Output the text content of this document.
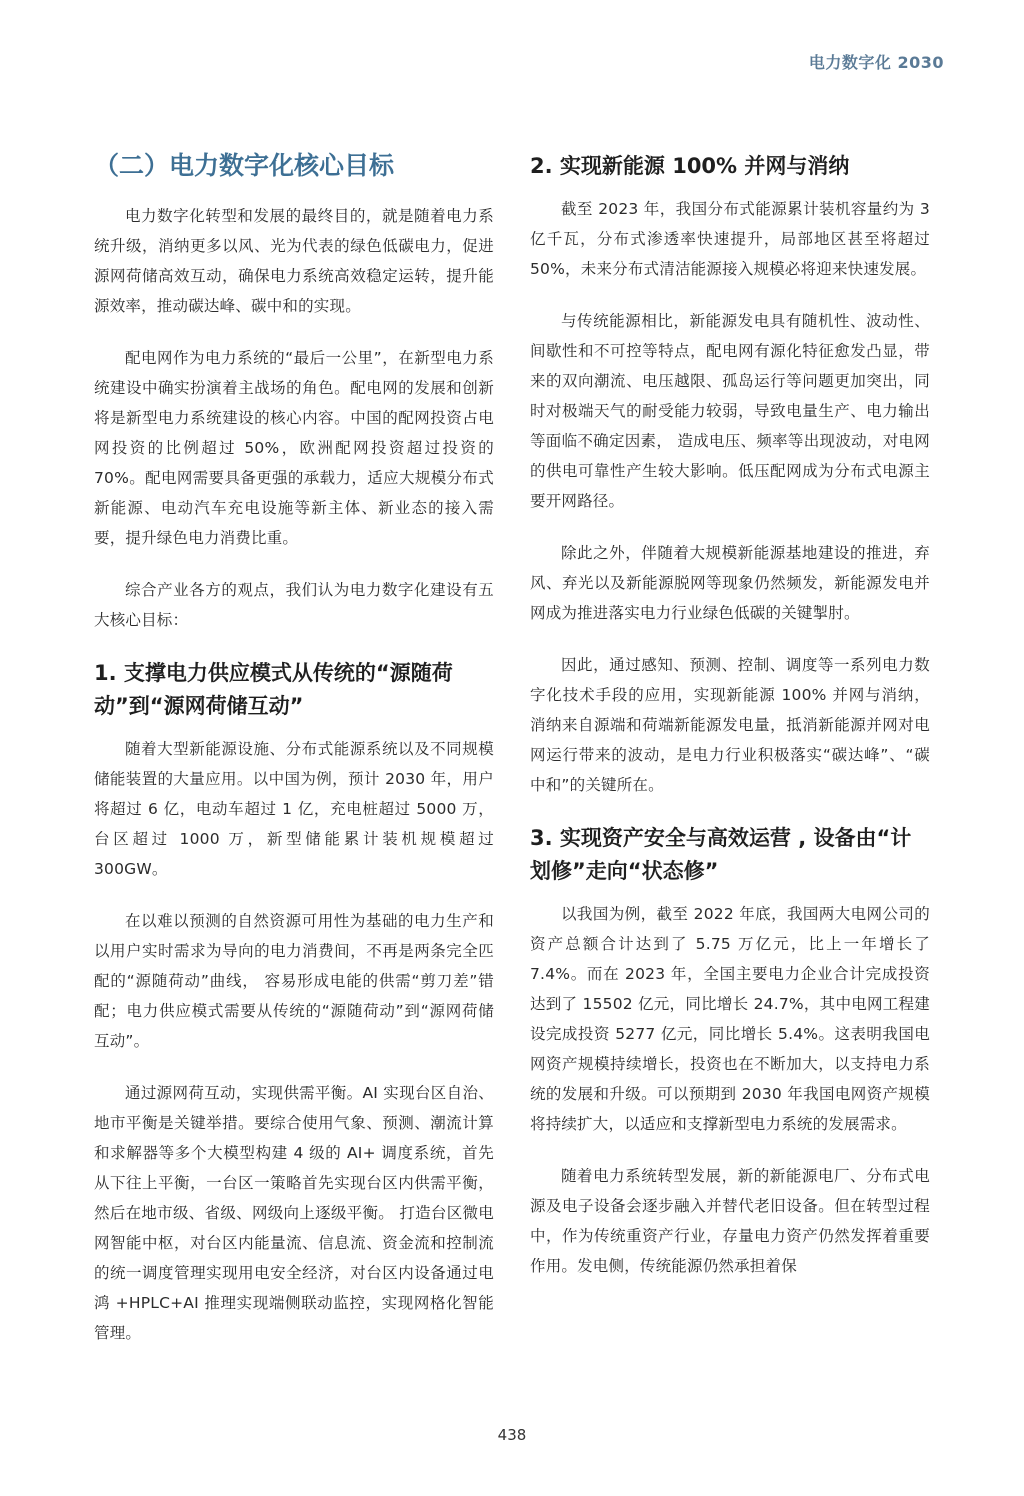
电力数字化 2030
（二）电力数字化核心目标

电力数字化转型和发展的最终目的，就是随着电力系统升级，消纳更多以风、光为代表的绿色低碳电力，促进源网荷储高效互动，确保电力系统高效稳定运转，提升能源效率，推动碳达峰、碳中和的实现。

配电网作为电力系统的“最后一公里”，在新型电力系统建设中确实扮演着主战场的角色。配电网的发展和创新将是新型电力系统建设的核心内容。中国的配网投资占电网投资的比例超过 50%，欧洲配网投资超过投资的70%。配电网需要具备更强的承载力，适应大规模分布式新能源、电动汽车充电设施等新主体、新业态的接入需要，提升绿色电力消费比重。

综合产业各方的观点，我们认为电力数字化建设有五大核心目标：

1. 支撑电力供应模式从传统的“源随荷动”到“源网荷储互动”

随着大型新能源设施、分布式能源系统以及不同规模储能装置的大量应用。以中国为例，预计 2030 年，用户将超过 6 亿，电动车超过 1 亿，充电桩超过 5000 万，台区超过 1000 万，新型储能累计装机规模超过 300GW。

在以难以预测的自然资源可用性为基础的电力生产和以用户实时需求为导向的电力消费间，不再是两条完全匹配的“源随荷动”曲线， 容易形成电能的供需“剪刀差”错配；电力供应模式需要从传统的“源随荷动”到“源网荷储互动”。

通过源网荷互动，实现供需平衡。AI 实现台区自治、地市平衡是关键举措。要综合使用气象、预测、潮流计算和求解器等多个大模型构建 4 级的 AI+ 调度系统，首先从下往上平衡，一台区一策略首先实现台区内供需平衡，然后在地市级、省级、网级向上逐级平衡。 打造台区微电网智能中枢，对台区内能量流、信息流、资金流和控制流的统一调度管理实现用电安全经济，对台区内设备通过电鸿 +HPLC+AI 推理实现端侧联动监控，实现网格化智能管理。

2. 实现新能源 100% 并网与消纳

截至 2023 年，我国分布式能源累计装机容量约为 3 亿千瓦，分布式渗透率快速提升，局部地区甚至将超过 50%，未来分布式清洁能源接入规模必将迎来快速发展。

与传统能源相比，新能源发电具有随机性、波动性、间歇性和不可控等特点，配电网有源化特征愈发凸显，带来的双向潮流、电压越限、孤岛运行等问题更加突出，同时对极端天气的耐受能力较弱，导致电量生产、电力输出等面临不确定因素， 造成电压、频率等出现波动，对电网的供电可靠性产生较大影响。低压配网成为分布式电源主要开网路径。

除此之外，伴随着大规模新能源基地建设的推进，弃风、弃光以及新能源脱网等现象仍然频发，新能源发电并网成为推进落实电力行业绿色低碳的关键掣肘。

因此，通过感知、预测、控制、调度等一系列电力数字化技术手段的应用，实现新能源 100% 并网与消纳，消纳来自源端和荷端新能源发电量，抵消新能源并网对电网运行带来的波动，是电力行业积极落实“碳达峰”、“碳中和”的关键所在。

3. 实现资产安全与高效运营 , 设备由“计划修”走向“状态修”

以我国为例，截至 2022 年底，我国两大电网公司的资产总额合计达到了 5.75 万亿元，比上一年增长了 7.4%。而在 2023 年，全国主要电力企业合计完成投资达到了 15502 亿元，同比增长 24.7%，其中电网工程建设完成投资 5277 亿元，同比增长 5.4%。这表明我国电网资产规模持续增长，投资也在不断加大，以支持电力系统的发展和升级。可以预期到 2030 年我国电网资产规模将持续扩大，以适应和支撑新型电力系统的发展需求。

随着电力系统转型发展，新的新能源电厂、分布式电源及电子设备会逐步融入并替代老旧设备。但在转型过程中，作为传统重资产行业，存量电力资产仍然发挥着重要作用。发电侧，传统能源仍然承担着保

438
